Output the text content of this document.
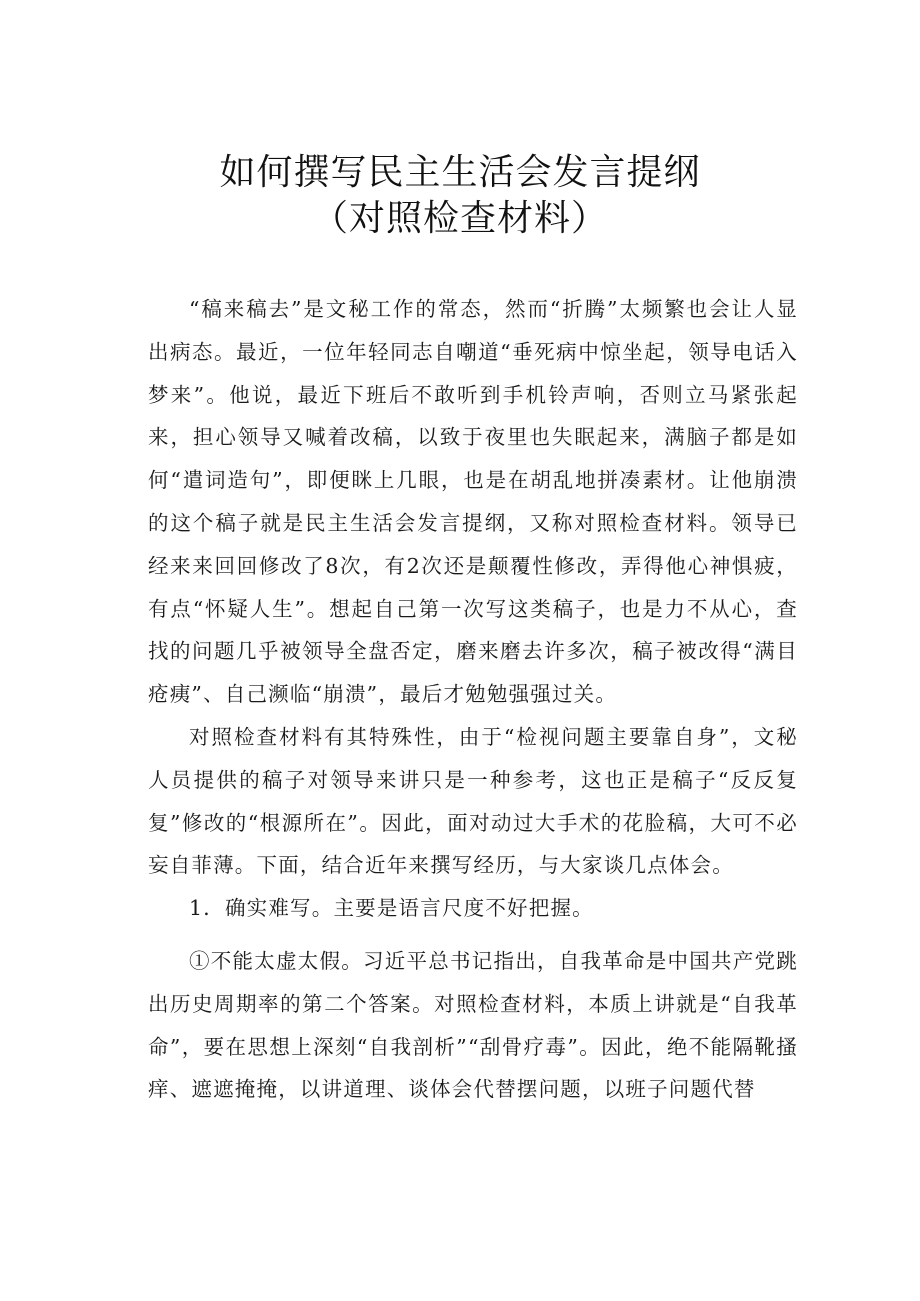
如何撰写民主生活会发言提纲
（对照检查材料）

“稿来稿去”是文秘工作的常态，然而“折腾”太频繁也会让人显出病态。最近，一位年轻同志自嘲道“垂死病中惊坐起，领导电话入梦来”。他说，最近下班后不敢听到手机铃声响，否则立马紧张起来，担心领导又喊着改稿，以致于夜里也失眠起来，满脑子都是如何“遣词造句”，即便眯上几眼，也是在胡乱地拼凑素材。让他崩溃的这个稿子就是民主生活会发言提纲，又称对照检查材料。领导已经来来回回修改了8次，有2次还是颠覆性修改，弄得他心神惧疲，有点“怀疑人生”。想起自己第一次写这类稿子，也是力不从心，查找的问题几乎被领导全盘否定，磨来磨去许多次，稿子被改得“满目疮痍”、自己濒临“崩溃”，最后才勉勉强强过关。

对照检查材料有其特殊性，由于“检视问题主要靠自身”，文秘人员提供的稿子对领导来讲只是一种参考，这也正是稿子“反反复复”修改的“根源所在”。因此，面对动过大手术的花脸稿，大可不必妄自菲薄。下面，结合近年来撰写经历，与大家谈几点体会。

1．确实难写。主要是语言尺度不好把握。

①不能太虚太假。习近平总书记指出，自我革命是中国共产党跳出历史周期率的第二个答案。对照检查材料，本质上讲就是“自我革命”，要在思想上深刻“自我剖析”“刮骨疗毒”。因此，绝不能隔靴搔痒、遮遮掩掩，以讲道理、谈体会代替摆问题，以班子问题代替
